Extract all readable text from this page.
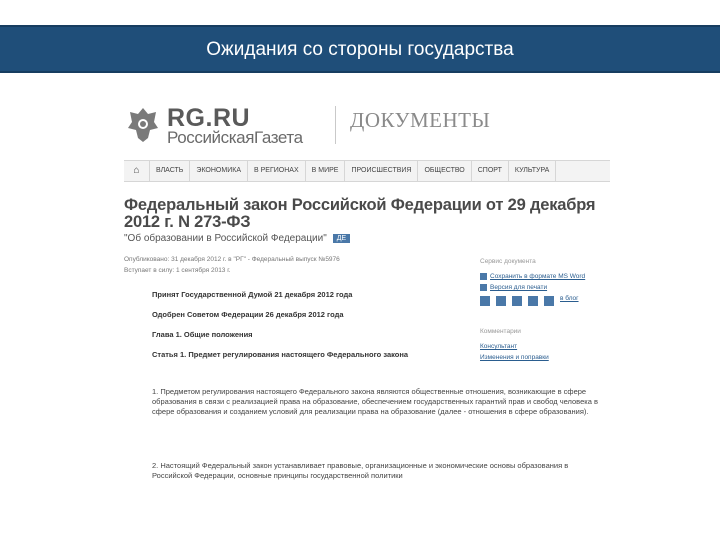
Ожидания со стороны государства
RG.RU
РоссийскаяГазета
ДОКУМЕНТЫ
⌂	ВЛАСТЬ	ЭКОНОМИКА	В РЕГИОНАХ	В МИРЕ	ПРОИСШЕСТВИЯ	ОБЩЕСТВО	СПОРТ	КУЛЬТУРА
Федеральный закон Российской Федерации от 29 декабря 2012 г. N 273-ФЗ
"Об образовании в Российской Федерации" ДЕ
Опубликовано: 31 декабря 2012 г. в "РГ" - Федеральный выпуск №5976
Вступает в силу: 1 сентября 2013 г.
Сервис документа
Сохранить в формате MS Word
Версия для печати
в блог
Комментарии
Консультант
Изменения и поправки
Принят Государственной Думой 21 декабря 2012 года
Одобрен Советом Федерации 26 декабря 2012 года
Глава 1. Общие положения
Статья 1. Предмет регулирования настоящего Федерального закона
1. Предметом регулирования настоящего Федерального закона являются общественные отношения, возникающие в сфере образования в связи с реализацией права на образование, обеспечением государственных гарантий прав и свобод человека в сфере образования и созданием условий для реализации права на образование (далее - отношения в сфере образования).
2. Настоящий Федеральный закон устанавливает правовые, организационные и экономические основы образования в Российской Федерации, основные принципы государственной политики
